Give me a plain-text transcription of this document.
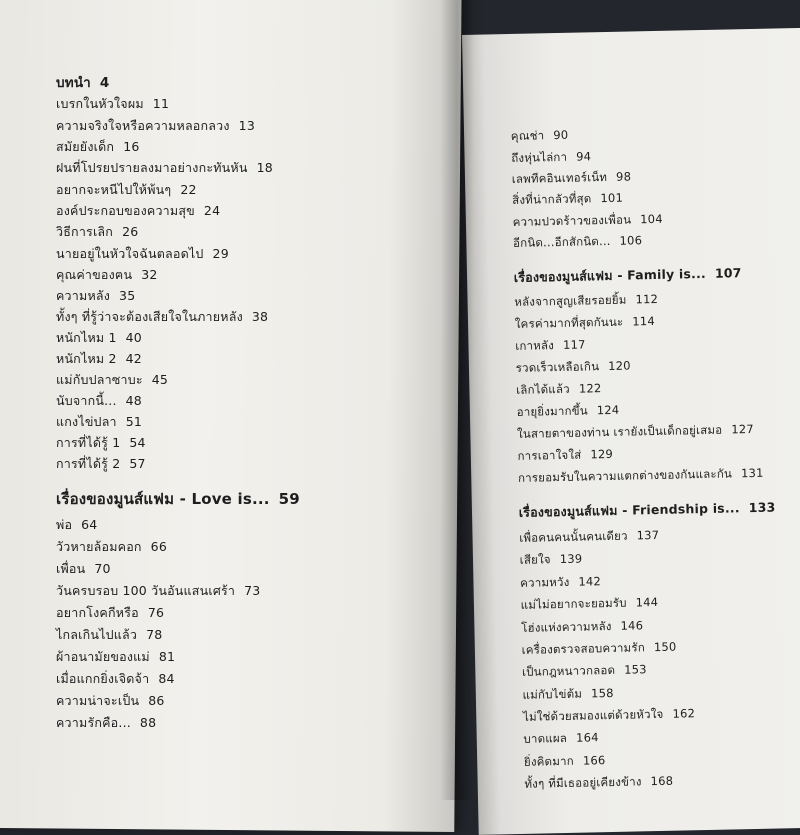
บทนำ 4
เบรกในหัวใจผม 11
ความจริงใจหรือความหลอกลวง 13
สมัยยังเด็ก 16
ฝนที่โปรยปรายลงมาอย่างกะทันหัน 18
อยากจะหนีไปให้พ้นๆ 22
องค์ประกอบของความสุข 24
วิธีการเลิก 26
นายอยู่ในหัวใจฉันตลอดไป 29
คุณค่าของฅน 32
ความหลัง 35
ทั้งๆ ที่รู้ว่าจะต้องเสียใจในภายหลัง 38
หนักไหม 1 40
หนักไหม 2 42
แม่กับปลาซาบะ 45
นับจากนี้... 48
แกงไข่ปลา 51
การที่ได้รู้ 1 54
การที่ได้รู้ 2 57
เรื่องของมูนส์แฟม - Love is... 59
พ่อ 64
วัวหายล้อมคอก 66
เพื่อน 70
วันครบรอบ 100 วันอันแสนเศร้า 73
อยากโงคกีหรือ 76
ไกลเกินไปแล้ว 78
ผ้าอนามัยของแม่ 81
เมื่อแกกยิ่งเจิดจ้า 84
ความน่าจะเป็น 86
ความรักคือ... 88
คุณช่า 90
ถึงหุ่นไล่กา 94
เลพทีคอินเทอร์เน็ท 98
สิ่งที่น่ากลัวที่สุด 101
ความปวดร้าวของเพื่อน 104
อีกนิด...อีกสักนิด... 106
เรื่องของมูนส์แฟม - Family is... 107
หลังจากสูญเสียรอยยิ้ม 112
ใครค่ามากที่สุดกันนะ 114
เกาหลัง 117
รวดเร็วเหลือเกิน 120
เลิกได้แล้ว 122
อายุยิ่งมากขึ้น 124
ในสายตาของท่าน เรายังเป็นเด็กอยู่เสมอ 127
การเอาใจใส่ 129
การยอมรับในความแตกต่างของกันและกัน 131
เรื่องของมูนส์แฟม - Friendship is... 133
เพื่อคนคนนั้นคนเดียว 137
เสียใจ 139
ความหวัง 142
แม่ไม่อยากจะยอมรับ 144
โฮ่งแห่งความหลัง 146
เครื่องตรวจสอบความรัก 150
เป็นกฎหนาวกลอด 153
แม่กับไข่ต้ม 158
ไม่ใช่ด้วยสมองแต่ด้วยหัวใจ 162
บาดแผล 164
ยิ่งคิดมาก 166
ทั้งๆ ที่มีเธออยู่เคียงข้าง 168
